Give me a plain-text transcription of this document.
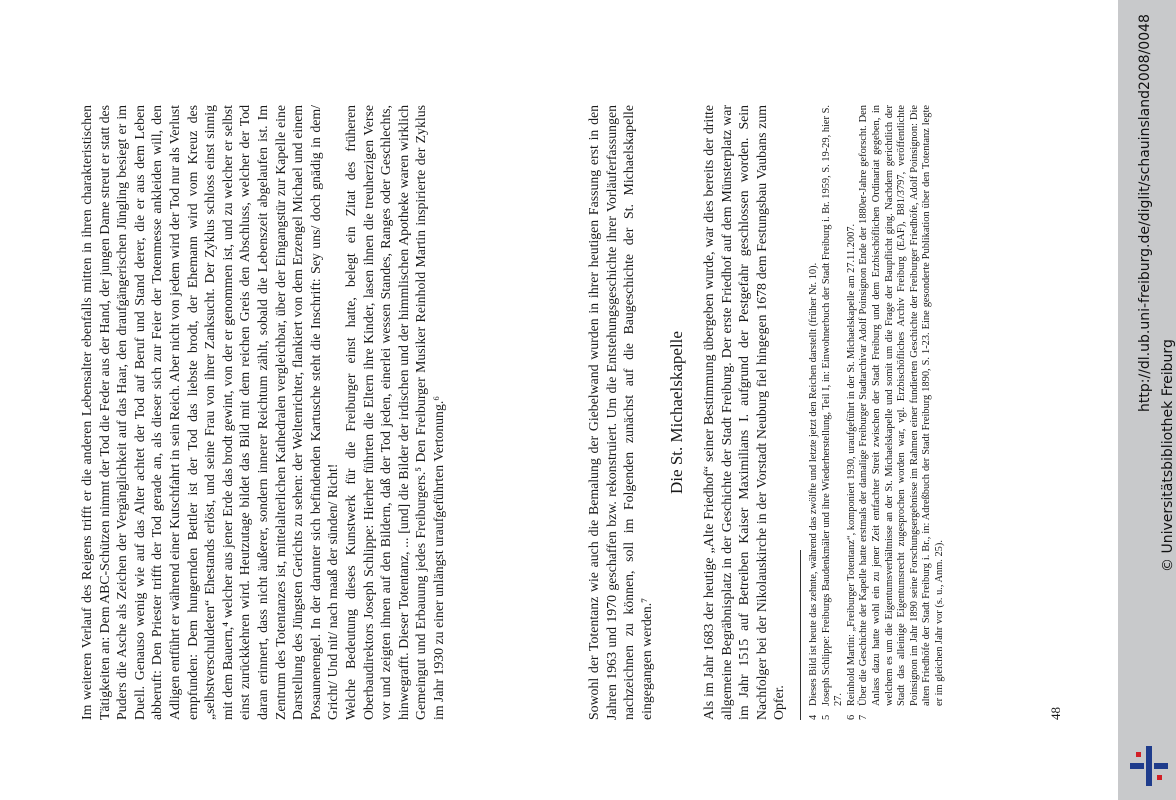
Im weiteren Verlauf des Reigens trifft er die anderen Lebensalter ebenfalls mitten in ihren charakteristischen Tätigkeiten an: Dem ABC-Schützen nimmt der Tod die Feder aus der Hand, der jungen Dame streut er statt des Puders die Asche als Zeichen der Vergänglichkeit auf das Haar, den draufgängerischen Jüngling besiegt er im Duell. Genauso wenig wie auf das Alter achtet der Tod auf Beruf und Stand derer, die er aus dem Leben abberuft: Den Priester trifft der Tod gerade an, als dieser sich zur Feier der Totenmesse ankleiden will, den Adligen entführt er während einer Kutschfahrt in sein Reich. Aber nicht von jedem wird der Tod nur als Verlust empfunden: Dem hungernden Bettler ist der Tod das liebste brodt, der Ehemann wird vom Kreuz des „selbstverschuldeten“ Ehestands erlöst, und seine Frau von ihrer Zanksucht. Der Zyklus schloss einst sinnig mit dem Bauern,⁴ welcher aus jener Erde das brodt gewint, von der er genommen ist, und zu welcher er selbst einst zurückkehren wird. Heutzutage bildet das Bild mit dem reichen Greis den Abschluss, welcher der Tod daran erinnert, dass nicht äußerer, sondern innerer Reichtum zählt, sobald die Lebenszeit abgelaufen ist. Im Zentrum des Totentanzes ist, mittelalterlichen Kathedralen vergleichbar, über der Eingangstür zur Kapelle eine Darstellung des Jüngsten Gerichts zu sehen: der Weltenrichter, flankiert von dem Erzengel Michael und einem Posaunenengel. In der darunter sich befindenden Kartusche steht die Inschrift: Sey uns/ doch gnädig in dem/ Gricht/ Und nit/ nach maaß der sünden/ Richt! Welche Bedeutung dieses Kunstwerk für die Freiburger einst hatte, belegt ein Zitat des früheren Oberbaudirektors Joseph Schlippe: Hierher führten die Eltern ihre Kinder, lasen ihnen die treuherzigen Verse vor und zeigten ihnen auf den Bildern, daß der Tod jeden, einerlei wessen Standes, Ranges oder Geschlechts, hinwegrafft. Dieser Totentanz, ... [und] die Bilder der irdischen und der himmlischen Apotheke waren wirklich Gemeingut und Erbauung jedes Freiburgers.⁵ Den Freiburger Musiker Reinhold Martin inspirierte der Zyklus im Jahr 1930 zu einer unlängst uraufgeführten Vertonung.⁶	Sowohl der Totentanz wie auch die Bemalung der Giebelwand wurden in ihrer heutigen Fassung erst in den Jahren 1963 und 1970 geschaffen bzw. rekonstruiert. Um die Entstehungsgeschichte ihrer Vorläuferfassungen nachzeichnen zu können, soll im Folgenden zunächst auf die Baugeschichte der St. Michaelskapelle eingegangen werden.⁷
Die St. Michaelskapelle Als im Jahr 1683 der heutige „Alte Friedhof“ seiner Bestimmung übergeben wurde, war dies bereits der dritte allgemeine Begräbnisplatz in der Geschichte der Stadt Freiburg. Der erste Friedhof auf dem Münsterplatz war im Jahr 1515 auf Betreiben Kaiser Maximilians I. aufgrund der Pestgefahr geschlossen worden. Sein Nachfolger bei der Nikolauskirche in der Vorstadt Neuburg fiel hingegen 1678 dem Festungsbau Vaubans zum Opfer. 4
Dieses Bild ist heute das zehnte, während das zwölfte und letzte jetzt den Reichen darstellt (früher Nr. 10).
5
Joseph Schlippe: Freiburgs Baudenkmäler und ihre Wiederherstellung, Teil I, in: Einwohnerbuch der Stadt Freiburg i. Br. 1959, S. 19-29, hier S. 27.
6
Reinhold Martin: „Freiburger Totentanz“, komponiert 1930, uraufgeführt in der St. Michaelskapelle am 27.11.2007.
7
Über die Geschichte der Kapelle hatte erstmals der damalige Freiburger Stadtarchivar Adolf Poinsignon Ende der 1880er-Jahre geforscht. Den Anlass dazu hatte wohl ein zu jener Zeit entfachter Streit zwischen der Stadt Freiburg und dem Erzbischöflichen Ordinariat gegeben, in welchem es um die Eigentumsverhältnisse an der St. Michaelskapelle und somit um die Frage der Baupflicht ging. Nachdem gerichtlich der Stadt das alleinige Eigentumsrecht zugesprochen worden war, vgl. Erzbischöfliches Archiv Freiburg (EAF), B81/3797, veröffentlichte Poinsignon im Jahr 1890 seine Forschungsergebnisse im Rahmen einer fundierten Geschichte der Freiburger Friedhöfe, Adolf Poinsignon: Die alten Friedhöfe der Stadt Freiburg i. Br., in: Adreßbuch der Stadt Freiburg 1890, S. 1-23. Eine gesonderte Publikation über den Totentanz legte er im gleichen Jahr vor (s. u., Anm. 25).
48
http://dl.ub.uni-freiburg.de/diglit/schauinsland2008/0048
© Universitätsbibliothek Freiburg
